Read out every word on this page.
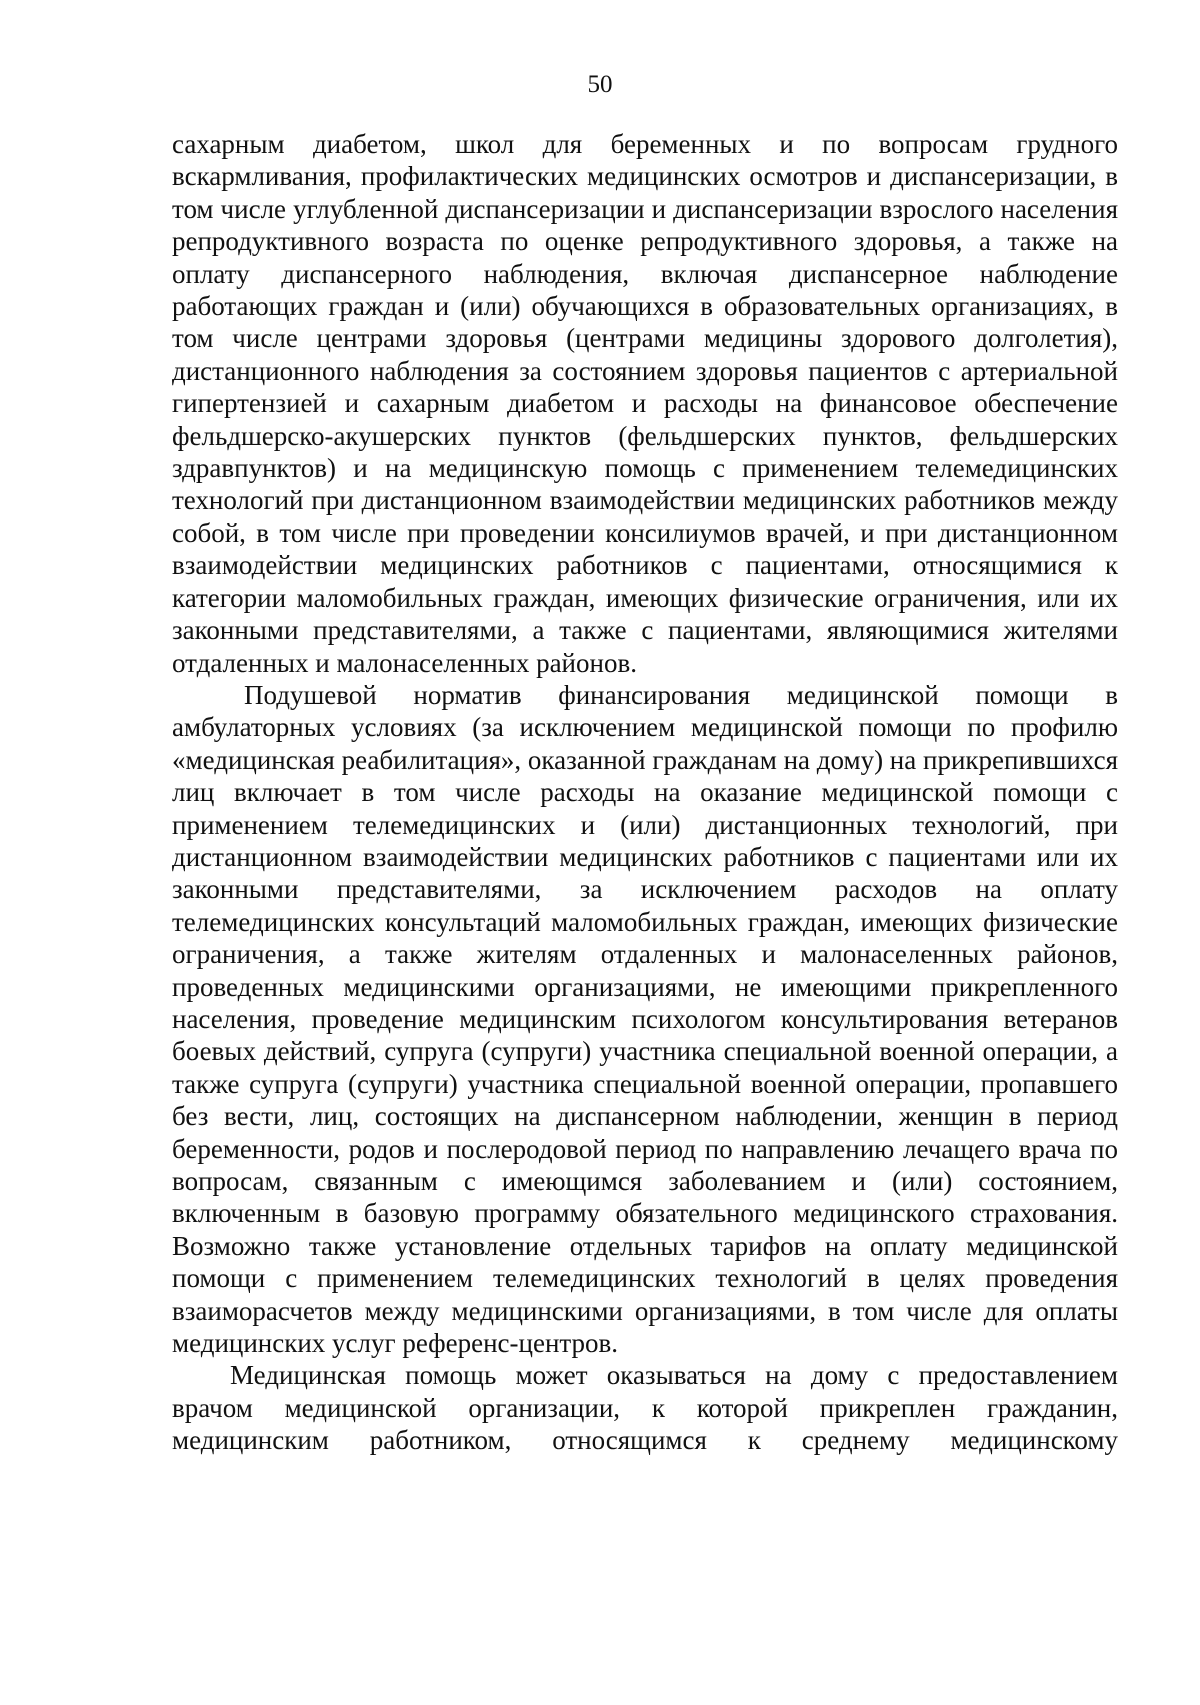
50

сахарным диабетом, школ для беременных и по вопросам грудного вскармливания, профилактических медицинских осмотров и диспансеризации, в том числе углубленной диспансеризации и диспансеризации взрослого населения репродуктивного возраста по оценке репродуктивного здоровья, а также на оплату диспансерного наблюдения, включая диспансерное наблюдение работающих граждан и (или) обучающихся в образовательных организациях, в том числе центрами здоровья (центрами медицины здорового долголетия), дистанционного наблюдения за состоянием здоровья пациентов с артериальной гипертензией и сахарным диабетом и расходы на финансовое обеспечение фельдшерско-акушерских пунктов (фельдшерских пунктов, фельдшерских здравпунктов) и на медицинскую помощь с применением телемедицинских технологий при дистанционном взаимодействии медицинских работников между собой, в том числе при проведении консилиумов врачей, и при дистанционном взаимодействии медицинских работников с пациентами, относящимися к категории маломобильных граждан, имеющих физические ограничения, или их законными представителями, а также с пациентами, являющимися жителями отдаленных и малонаселенных районов.

Подушевой норматив финансирования медицинской помощи в амбулаторных условиях (за исключением медицинской помощи по профилю «медицинская реабилитация», оказанной гражданам на дому) на прикрепившихся лиц включает в том числе расходы на оказание медицинской помощи с применением телемедицинских и (или) дистанционных технологий, при дистанционном взаимодействии медицинских работников с пациентами или их законными представителями, за исключением расходов на оплату телемедицинских консультаций маломобильных граждан, имеющих физические ограничения, а также жителям отдаленных и малонаселенных районов, проведенных медицинскими организациями, не имеющими прикрепленного населения, проведение медицинским психологом консультирования ветеранов боевых действий, супруга (супруги) участника специальной военной операции, а также супруга (супруги) участника специальной военной операции, пропавшего без вести, лиц, состоящих на диспансерном наблюдении, женщин в период беременности, родов и послеродовой период по направлению лечащего врача по вопросам, связанным с имеющимся заболеванием и (или) состоянием, включенным в базовую программу обязательного медицинского страхования. Возможно также установление отдельных тарифов на оплату медицинской помощи с применением телемедицинских технологий в целях проведения взаиморасчетов между медицинскими организациями, в том числе для оплаты медицинских услуг референс-центров.

Медицинская помощь может оказываться на дому с предоставлением врачом медицинской организации, к которой прикреплен гражданин, медицинским работником, относящимся к среднему медицинскому
